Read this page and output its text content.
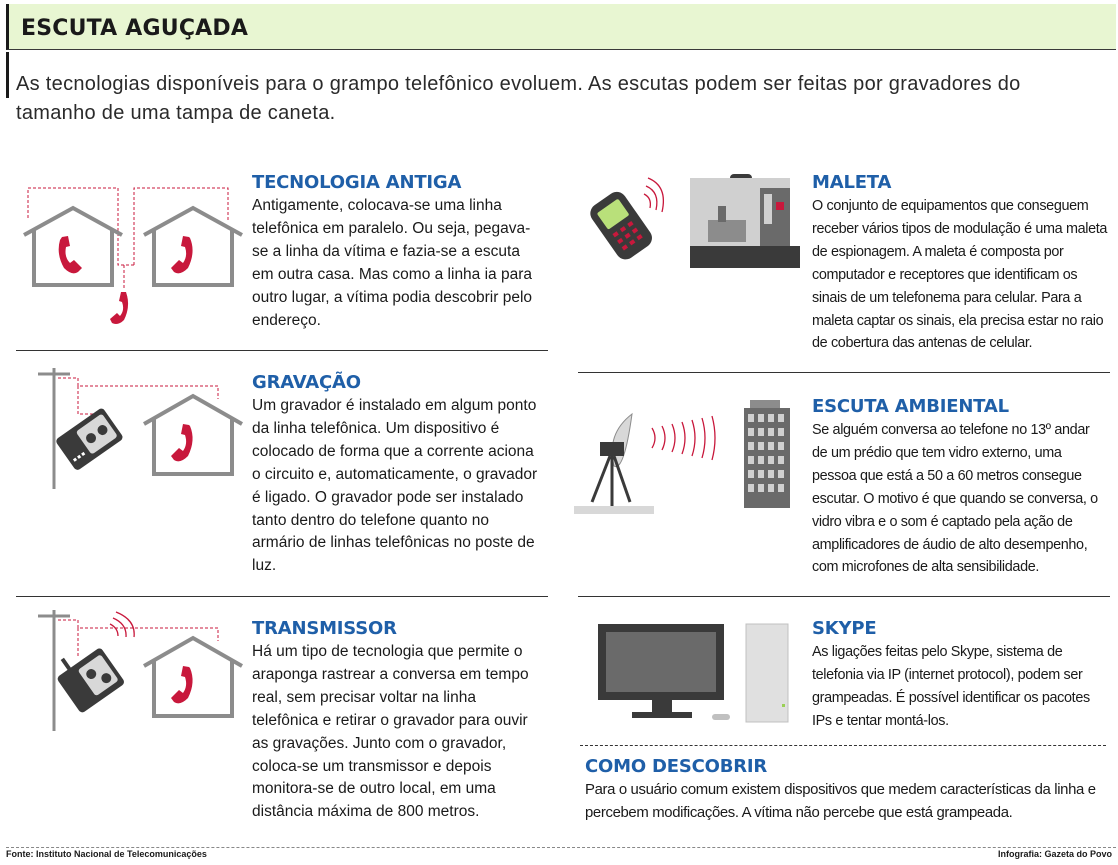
ESCUTA AGUÇADA

As tecnologias disponíveis para o grampo telefônico evoluem. As escutas podem ser feitas por gravadores do tamanho de uma tampa de caneta.

TECNOLOGIA ANTIGA

Antigamente, colocava-se uma linha telefônica em paralelo. Ou seja, pegava-se a linha da vítima e fazia-se a escuta em outra casa. Mas como a linha ia para outro lugar, a vítima podia descobrir pelo endereço.

GRAVAÇÃO

Um gravador é instalado em algum ponto da linha telefônica. Um dispositivo é colocado de forma que a corrente aciona o circuito e, automaticamente, o gravador é ligado. O gravador pode ser instalado tanto dentro do telefone quanto no armário de linhas telefônicas no poste de luz.

TRANSMISSOR

Há um tipo de tecnologia que permite o araponga rastrear a conversa em tempo real, sem precisar voltar na linha telefônica e retirar o gravador para ouvir as gravações. Junto com o gravador, coloca-se um transmissor e depois monitora-se de outro local, em uma distância máxima de 800 metros.

MALETA

O conjunto de equipamentos que conseguem receber vários tipos de modulação é uma maleta de espionagem. A maleta é composta por computador e receptores que identificam os sinais de um telefonema para celular. Para a maleta captar os sinais, ela precisa estar no raio de cobertura das antenas de celular.

ESCUTA AMBIENTAL

Se alguém conversa ao telefone no 13º andar de um prédio que tem vidro externo, uma pessoa que está a 50 a 60 metros consegue escutar. O motivo é que quando se conversa, o vidro vibra e o som é captado pela ação de amplificadores de áudio de alto desempenho, com microfones de alta sensibilidade.

SKYPE

As ligações feitas pelo Skype, sistema de telefonia via IP (internet protocol), podem ser grampeadas. É possível identificar os pacotes IPs e tentar montá-los.

COMO DESCOBRIR

Para o usuário comum existem dispositivos que medem características da linha e percebem modificações. A vítima não percebe que está grampeada.

Fonte: Instituto Nacional de Telecomunicações	Infografia: Gazeta do Povo
